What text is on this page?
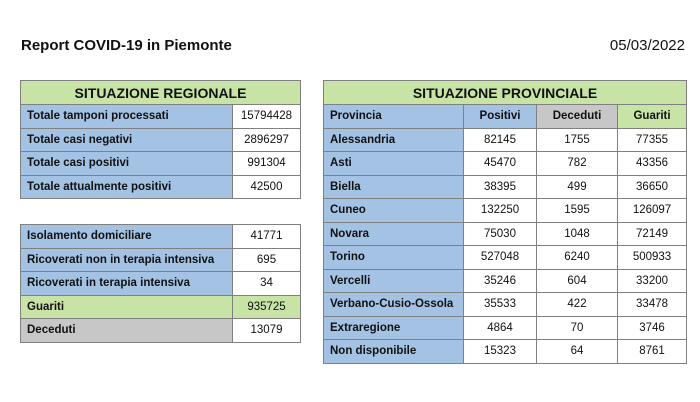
Report COVID-19 in Piemonte	05/03/2022
SITUAZIONE REGIONALE	
Totale tamponi processati	15794428
Totale casi negativi	2896297
Totale casi positivi	991304
Totale attualmente positivi	42500
Isolamento domiciliare	41771
Ricoverati non in terapia intensiva	695
Ricoverati in terapia intensiva	34
Guariti	935725
Deceduti	13079
SITUAZIONE PROVINCIALE			
Provincia	Positivi	Deceduti	Guariti
Alessandria	82145	1755	77355
Asti	45470	782	43356
Biella	38395	499	36650
Cuneo	132250	1595	126097
Novara	75030	1048	72149
Torino	527048	6240	500933
Vercelli	35246	604	33200
Verbano-Cusio-Ossola	35533	422	33478
Extraregione	4864	70	3746
Non disponibile	15323	64	8761
